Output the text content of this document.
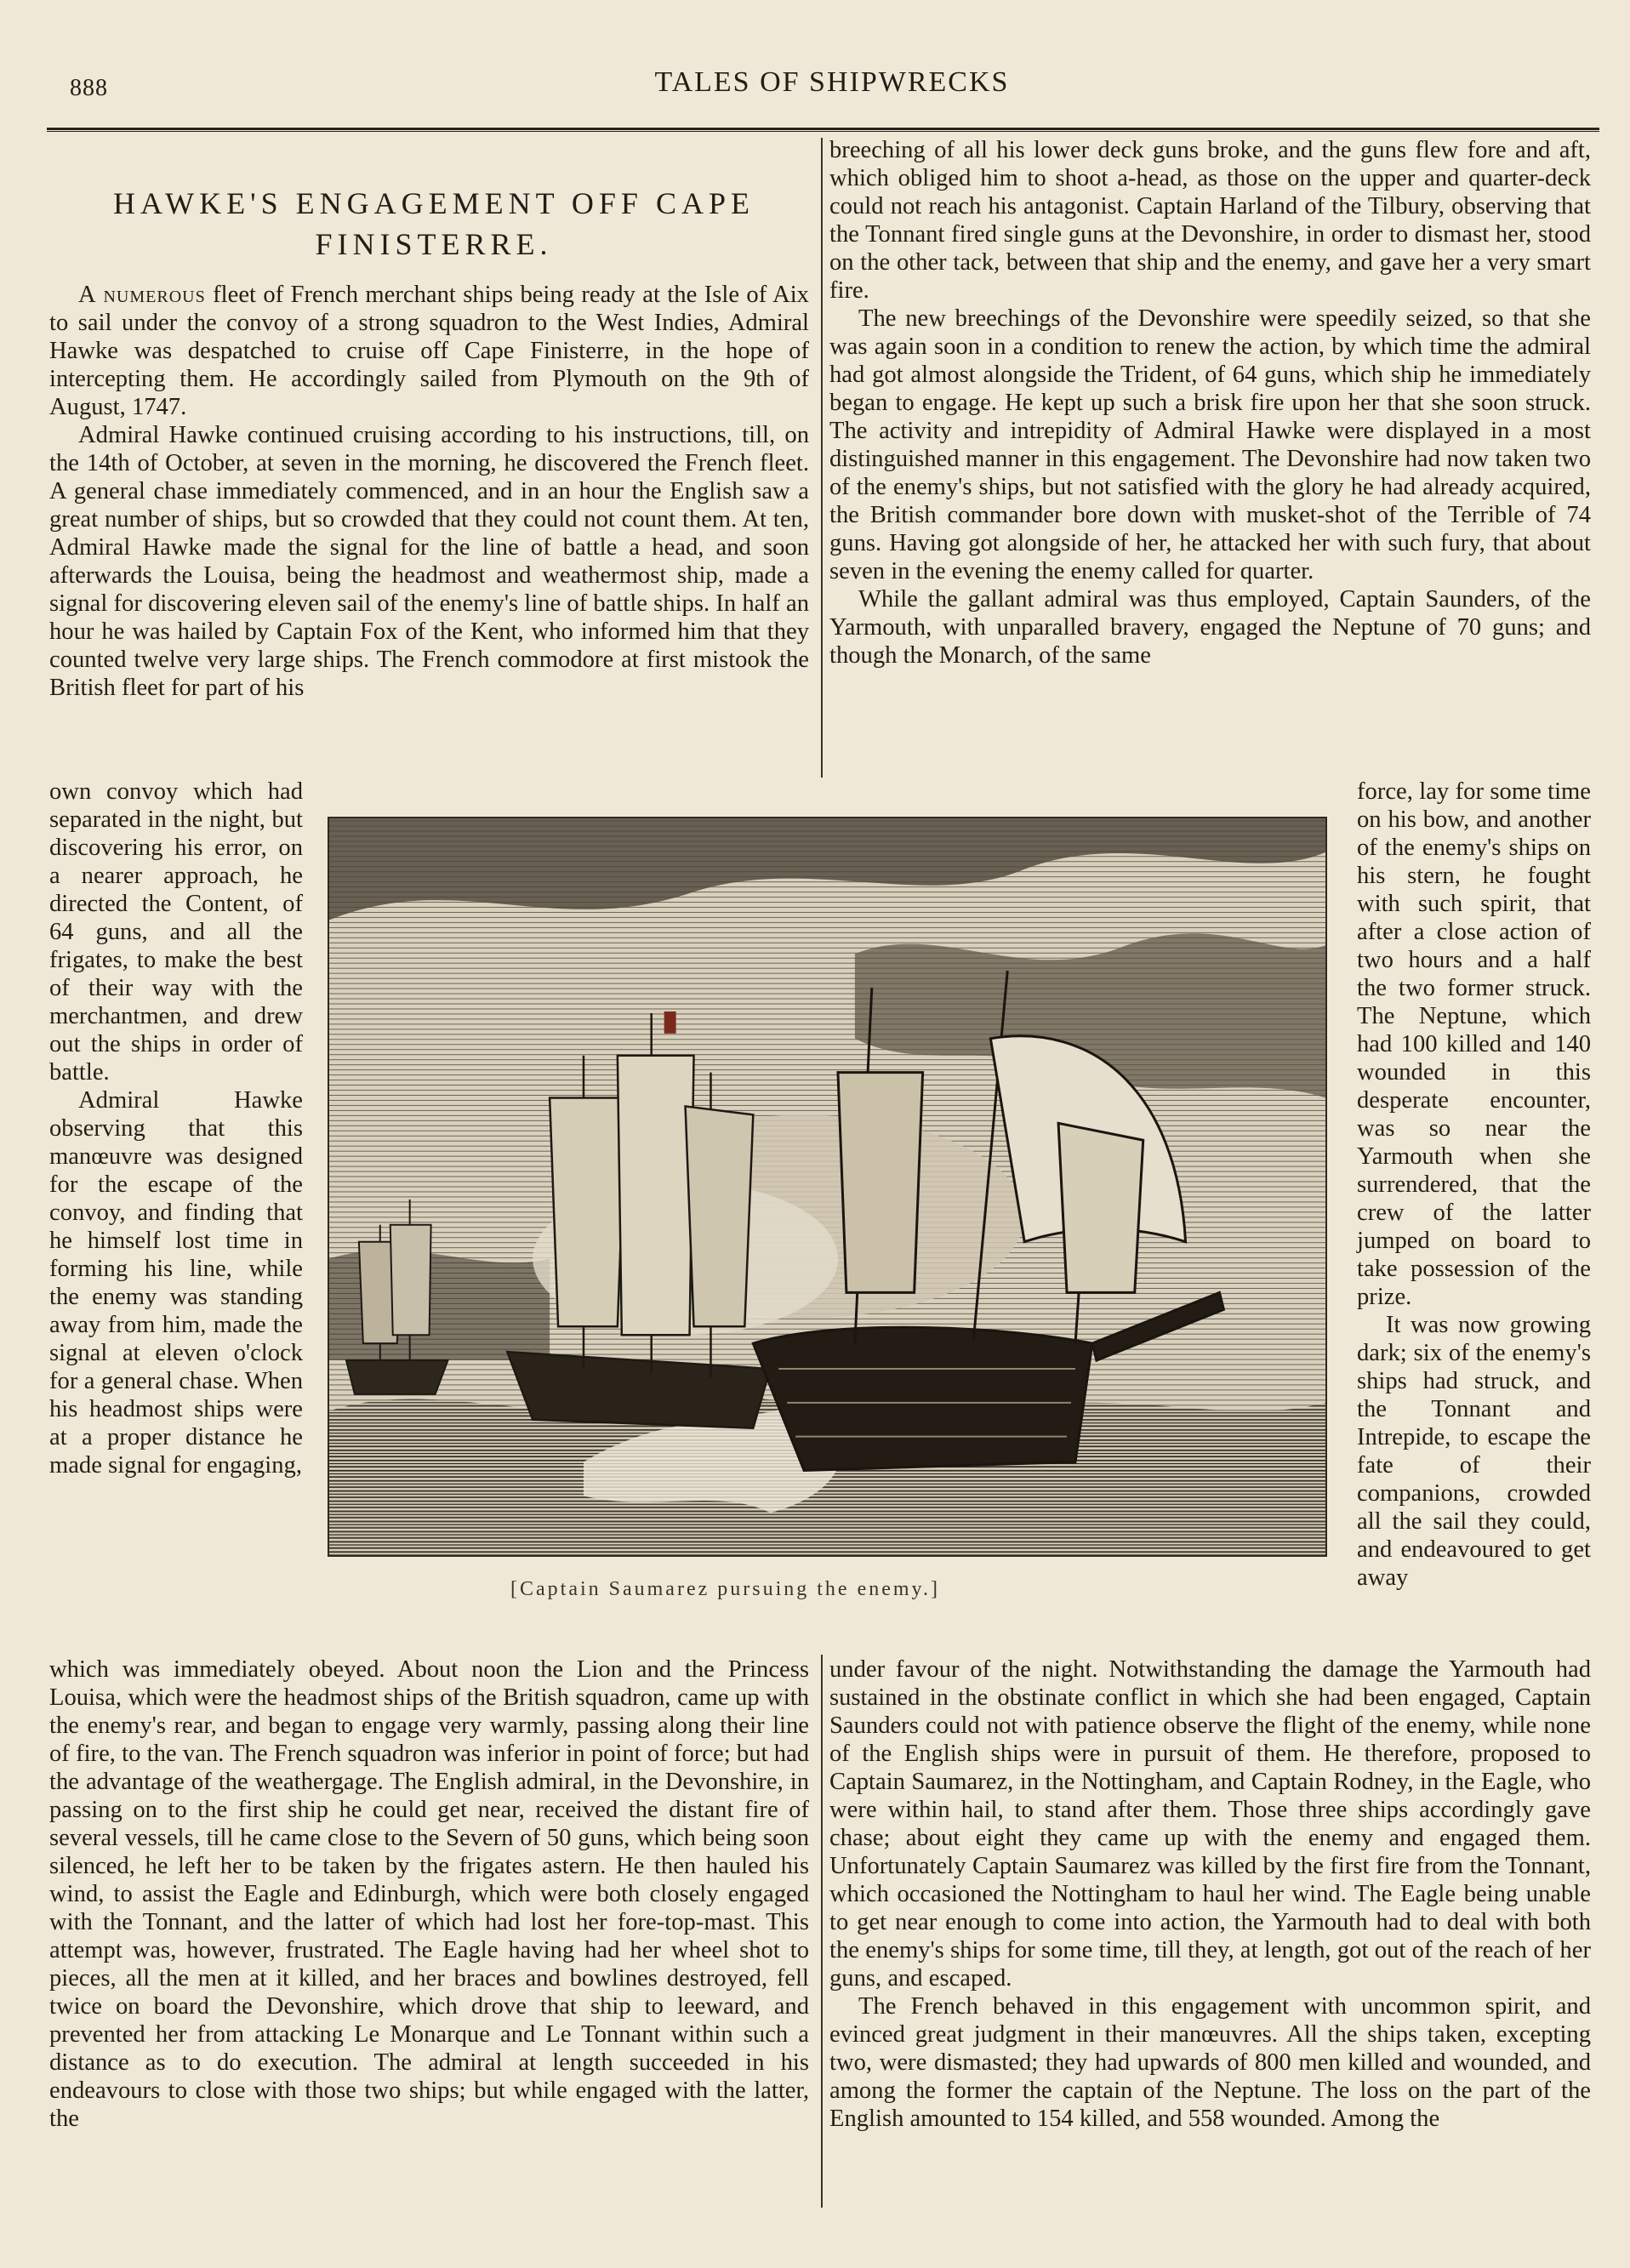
888	TALES OF SHIPWRECKS
HAWKE'S ENGAGEMENT OFF CAPE
FINISTERRE.

A numerous fleet of French merchant ships being ready at the Isle of Aix to sail under the convoy of a strong squadron to the West Indies, Admiral Hawke was despatched to cruise off Cape Finisterre, in the hope of intercepting them. He accordingly sailed from Plymouth on the 9th of August, 1747.

Admiral Hawke continued cruising according to his instructions, till, on the 14th of October, at seven in the morning, he discovered the French fleet. A general chase immediately commenced, and in an hour the English saw a great number of ships, but so crowded that they could not count them. At ten, Admiral Hawke made the signal for the line of battle a head, and soon afterwards the Louisa, being the headmost and weathermost ship, made a signal for discovering eleven sail of the enemy's line of battle ships. In half an hour he was hailed by Captain Fox of the Kent, who informed him that they counted twelve very large ships. The French commodore at first mistook the British fleet for part of his

own convoy which had separated in the night, but discovering his error, on a nearer approach, he directed the Content, of 64 guns, and all the frigates, to make the best of their way with the merchantmen, and drew out the ships in order of battle.

Admiral Hawke observing that this manœuvre was designed for the escape of the convoy, and finding that he himself lost time in forming his line, while the enemy was standing away from him, made the signal at eleven o'clock for a general chase. When his headmost ships were at a proper distance he made signal for engaging,

which was immediately obeyed. About noon the Lion and the Princess Louisa, which were the headmost ships of the British squadron, came up with the enemy's rear, and began to engage very warmly, passing along their line of fire, to the van. The French squadron was inferior in point of force; but had the advantage of the weathergage. The English admiral, in the Devonshire, in passing on to the first ship he could get near, received the distant fire of several vessels, till he came close to the Severn of 50 guns, which being soon silenced, he left her to be taken by the frigates astern. He then hauled his wind, to assist the Eagle and Edinburgh, which were both closely engaged with the Tonnant, and the latter of which had lost her fore-top-mast. This attempt was, however, frustrated. The Eagle having had her wheel shot to pieces, all the men at it killed, and her braces and bowlines destroyed, fell twice on board the Devonshire, which drove that ship to leeward, and prevented her from attacking Le Monarque and Le Tonnant within such a distance as to do execution. The admiral at length succeeded in his endeavours to close with those two ships; but while engaged with the latter, the

breeching of all his lower deck guns broke, and the guns flew fore and aft, which obliged him to shoot a-head, as those on the upper and quarter-deck could not reach his antagonist. Captain Harland of the Tilbury, observing that the Tonnant fired single guns at the Devonshire, in order to dismast her, stood on the other tack, between that ship and the enemy, and gave her a very smart fire.

The new breechings of the Devonshire were speedily seized, so that she was again soon in a condition to renew the action, by which time the admiral had got almost alongside the Trident, of 64 guns, which ship he immediately began to engage. He kept up such a brisk fire upon her that she soon struck. The activity and intrepidity of Admiral Hawke were displayed in a most distinguished manner in this engagement. The Devonshire had now taken two of the enemy's ships, but not satisfied with the glory he had already acquired, the British commander bore down with musket-shot of the Terrible of 74 guns. Having got alongside of her, he attacked her with such fury, that about seven in the evening the enemy called for quarter.

While the gallant admiral was thus employed, Captain Saunders, of the Yarmouth, with unparalled bravery, engaged the Neptune of 70 guns; and though the Monarch, of the same

force, lay for some time on his bow, and another of the enemy's ships on his stern, he fought with such spirit, that after a close action of two hours and a half the two former struck. The Neptune, which had 100 killed and 140 wounded in this desperate encounter, was so near the Yarmouth when she surrendered, that the crew of the latter jumped on board to take possession of the prize.

It was now growing dark; six of the enemy's ships had struck, and the Tonnant and Intrepide, to escape the fate of their companions, crowded all the sail they could, and endeavoured to get away

under favour of the night. Notwithstanding the damage the Yarmouth had sustained in the obstinate conflict in which she had been engaged, Captain Saunders could not with patience observe the flight of the enemy, while none of the English ships were in pursuit of them. He therefore, proposed to Captain Saumarez, in the Nottingham, and Captain Rodney, in the Eagle, who were within hail, to stand after them. Those three ships accordingly gave chase; about eight they came up with the enemy and engaged them. Unfortunately Captain Saumarez was killed by the first fire from the Tonnant, which occasioned the Nottingham to haul her wind. The Eagle being unable to get near enough to come into action, the Yarmouth had to deal with both the enemy's ships for some time, till they, at length, got out of the reach of her guns, and escaped.

The French behaved in this engagement with uncommon spirit, and evinced great judgment in their manœuvres. All the ships taken, excepting two, were dismasted; they had upwards of 800 men killed and wounded, and among the former the captain of the Neptune. The loss on the part of the English amounted to 154 killed, and 558 wounded. Among the

[Captain Saumarez pursuing the enemy.]
